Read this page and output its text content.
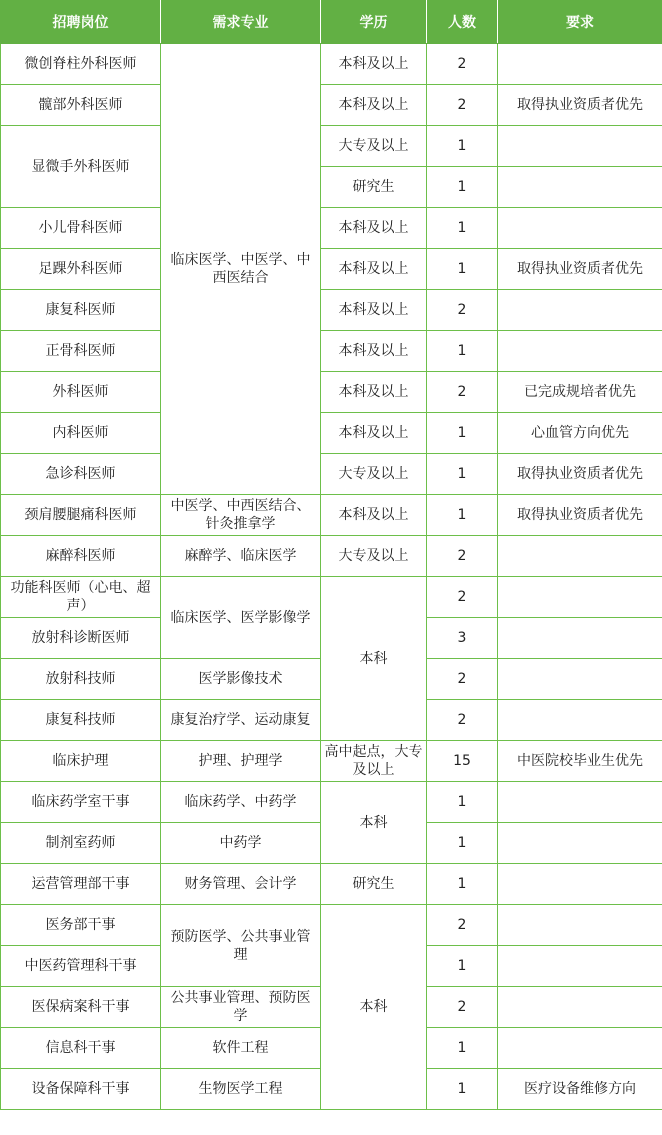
招聘岗位	需求专业	学历	人数	要求
微创脊柱外科医师	临床医学、中医学、中西医结合	本科及以上	2	
髋部外科医师		本科及以上	2	取得执业资质者优先
显微手外科医师		大专及以上	1	
		研究生	1	
小儿骨科医师		本科及以上	1	
足踝外科医师		本科及以上	1	取得执业资质者优先
康复科医师		本科及以上	2	
正骨科医师		本科及以上	1	
外科医师		本科及以上	2	已完成规培者优先
内科医师		本科及以上	1	心血管方向优先
急诊科医师		大专及以上	1	取得执业资质者优先
颈肩腰腿痛科医师	中医学、中西医结合、针灸推拿学	本科及以上	1	取得执业资质者优先
麻醉科医师	麻醉学、临床医学	大专及以上	2	
功能科医师（心电、超声）	临床医学、医学影像学	本科	2	
放射科诊断医师			3	
放射科技师	医学影像技术		2	
康复科技师	康复治疗学、运动康复		2	
临床护理	护理、护理学	高中起点，大专及以上	15	中医院校毕业生优先
临床药学室干事	临床药学、中药学	本科	1	
制剂室药师	中药学		1	
运营管理部干事	财务管理、会计学	研究生	1	
医务部干事	预防医学、公共事业管理	本科	2	
中医药管理科干事			1	
医保病案科干事	公共事业管理、预防医学		2	
信息科干事	软件工程		1	
设备保障科干事	生物医学工程		1	医疗设备维修方向
